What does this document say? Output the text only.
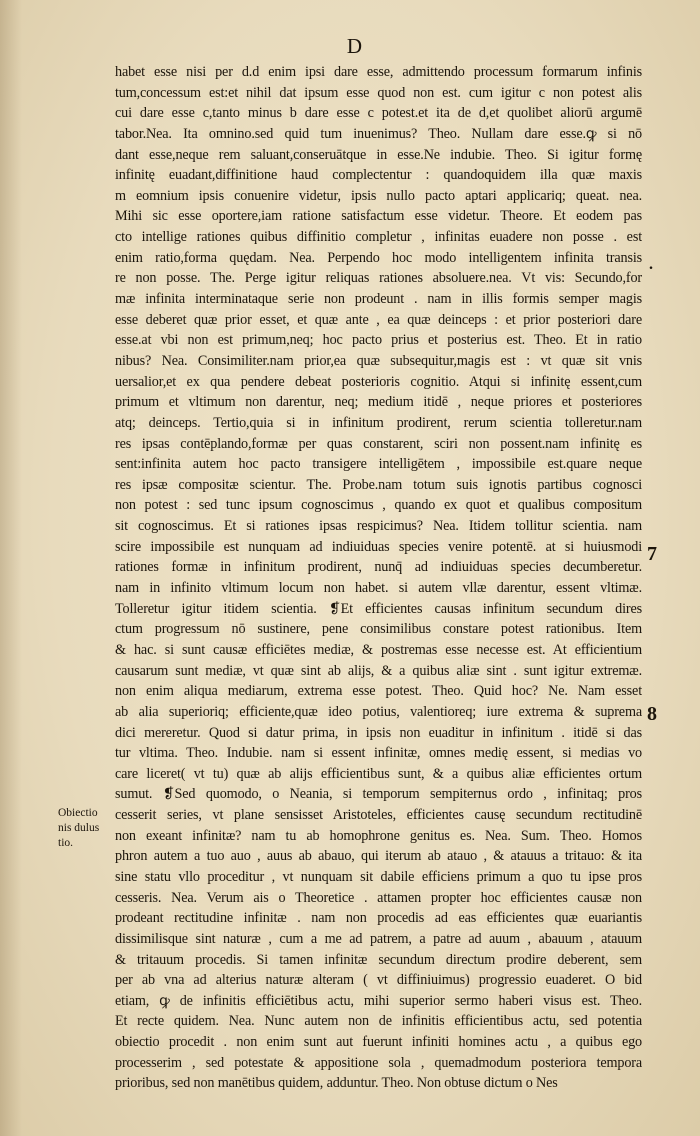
D
habet esse nisi per d.d enim ipsi dare esse, admittendo processum formarum infinis
tum,concessum est:et nihil dat ipsum esse quod non est. cum igitur c non potest alis
cui dare esse c,tanto minus b dare esse c potest.et ita de d,et quolibet aliorū argumē
tabor.Nea. Ita omnino.sed quid tum inuenimus? Theo. Nullam dare esse.ꝙ si nō
dant esse,neque rem saluant,conseruātque in esse.Ne indubie. Theo. Si igitur formę
infinitę euadant,diffinitione haud complectentur : quandoquidem illa quæ maxis
m eomnium ipsis conuenire videtur, ipsis nullo pacto aptari applicariq; queat. nea.
Mihi sic esse oportere,iam ratione satisfactum esse videtur. Theore. Et eodem pas
cto intellige rationes quibus diffinitio completur , infinitas euadere non posse . est
enim ratio,forma quędam. Nea. Perpendo hoc modo intelligentem infinita transis
re non posse. The. Perge igitur reliquas rationes absoluere.nea. Vt vis: Secundo,for
mæ infinita interminataque serie non prodeunt . nam in illis formis semper magis
esse deberet quæ prior esset, et quæ ante , ea quæ deinceps : et prior posteriori dare
esse.at vbi non est primum,neq; hoc pacto prius et posterius est. Theo. Et in ratio
nibus? Nea. Consimiliter.nam prior,ea quæ subsequitur,magis est : vt quæ sit vnis
uersalior,et ex qua pendere debeat posterioris cognitio. Atqui si infinitę essent,cum
primum et vltimum non darentur, neq; medium itidē , neque priores et posteriores
atq; deinceps. Tertio,quia si in infinitum prodirent, rerum scientia tolleretur.nam
res ipsas contēplando,formæ per quas constarent, sciri non possent.nam infinitę es
sent:infinita autem hoc pacto transigere intelligētem , impossibile est.quare neque
res ipsæ compositæ scientur. The. Probe.nam totum suis ignotis partibus cognosci
non potest : sed tunc ipsum cognoscimus , quando ex quot et qualibus compositum
sit cognoscimus. Et si rationes ipsas respicimus? Nea. Itidem tollitur scientia. nam
scire impossibile est nunquam ad indiuiduas species venire potentē. at si huiusmodi
rationes formæ in infinitum prodirent, nunq̄ ad indiuiduas species decumberetur.
nam in infinito vltimum locum non habet. si autem vllæ darentur, essent vltimæ.
Tolleretur igitur itidem scientia. ❡Et efficientes causas infinitum secundum dires
ctum progressum nō sustinere, pene consimilibus constare potest rationibus. Item
& hac. si sunt causæ efficiētes mediæ, & postremas esse necesse est. At efficientium
causarum sunt mediæ, vt quæ sint ab alijs, & a quibus aliæ sint . sunt igitur extremæ.
non enim aliqua mediarum, extrema esse potest. Theo. Quid hoc? Ne. Nam esset
ab alia superioriq; efficiente,quæ ideo potius, valentioreq; iure extrema & suprema
dici mereretur. Quod si datur prima, in ipsis non euaditur in infinitum . itidē si das
tur vltima. Theo. Indubie. nam si essent infinitæ, omnes medię essent, si medias vo
care liceret( vt tu) quæ ab alijs efficientibus sunt, & a quibus aliæ efficientes ortum
sumut. ❡Sed quomodo, o Neania, si temporum sempiternus ordo , infinitaq; pros
cesserit series, vt plane sensisset Aristoteles, efficientes causę secundum rectitudinē
non exeant infinitæ? nam tu ab homophrone genitus es. Nea. Sum. Theo. Homos
phron autem a tuo auo , auus ab abauo, qui iterum ab atauo , & atauus a tritauo: & ita
sine statu vllo proceditur , vt nunquam sit dabile efficiens primum a quo tu ipse pros
cesseris. Nea. Verum ais o Theoretice . attamen propter hoc efficientes causæ non
prodeant rectitudine infinitæ . nam non procedis ad eas efficientes quæ euariantis
dissimilisque sint naturæ , cum a me ad patrem, a patre ad auum , abauum , atauum
& tritauum procedis. Si tamen infinitæ secundum directum prodire deberent, sem
per ab vna ad alterius naturæ alteram ( vt diffiniuimus) progressio euaderet. O bid
etiam, ꝙ de infinitis efficiētibus actu, mihi superior sermo haberi visus est. Theo.
Et recte quidem. Nea. Nunc autem non de infinitis efficientibus actu, sed potentia
obiectio procedit . non enim sunt aut fuerunt infiniti homines actu , a quibus ego
processerim , sed potestate & appositione sola , quemadmodum posteriora tempora
prioribus, sed non manētibus quidem, adduntur. Theo. Non obtuse dictum o Nes
Obiectio
nis dulus
tio.
.
7
8
